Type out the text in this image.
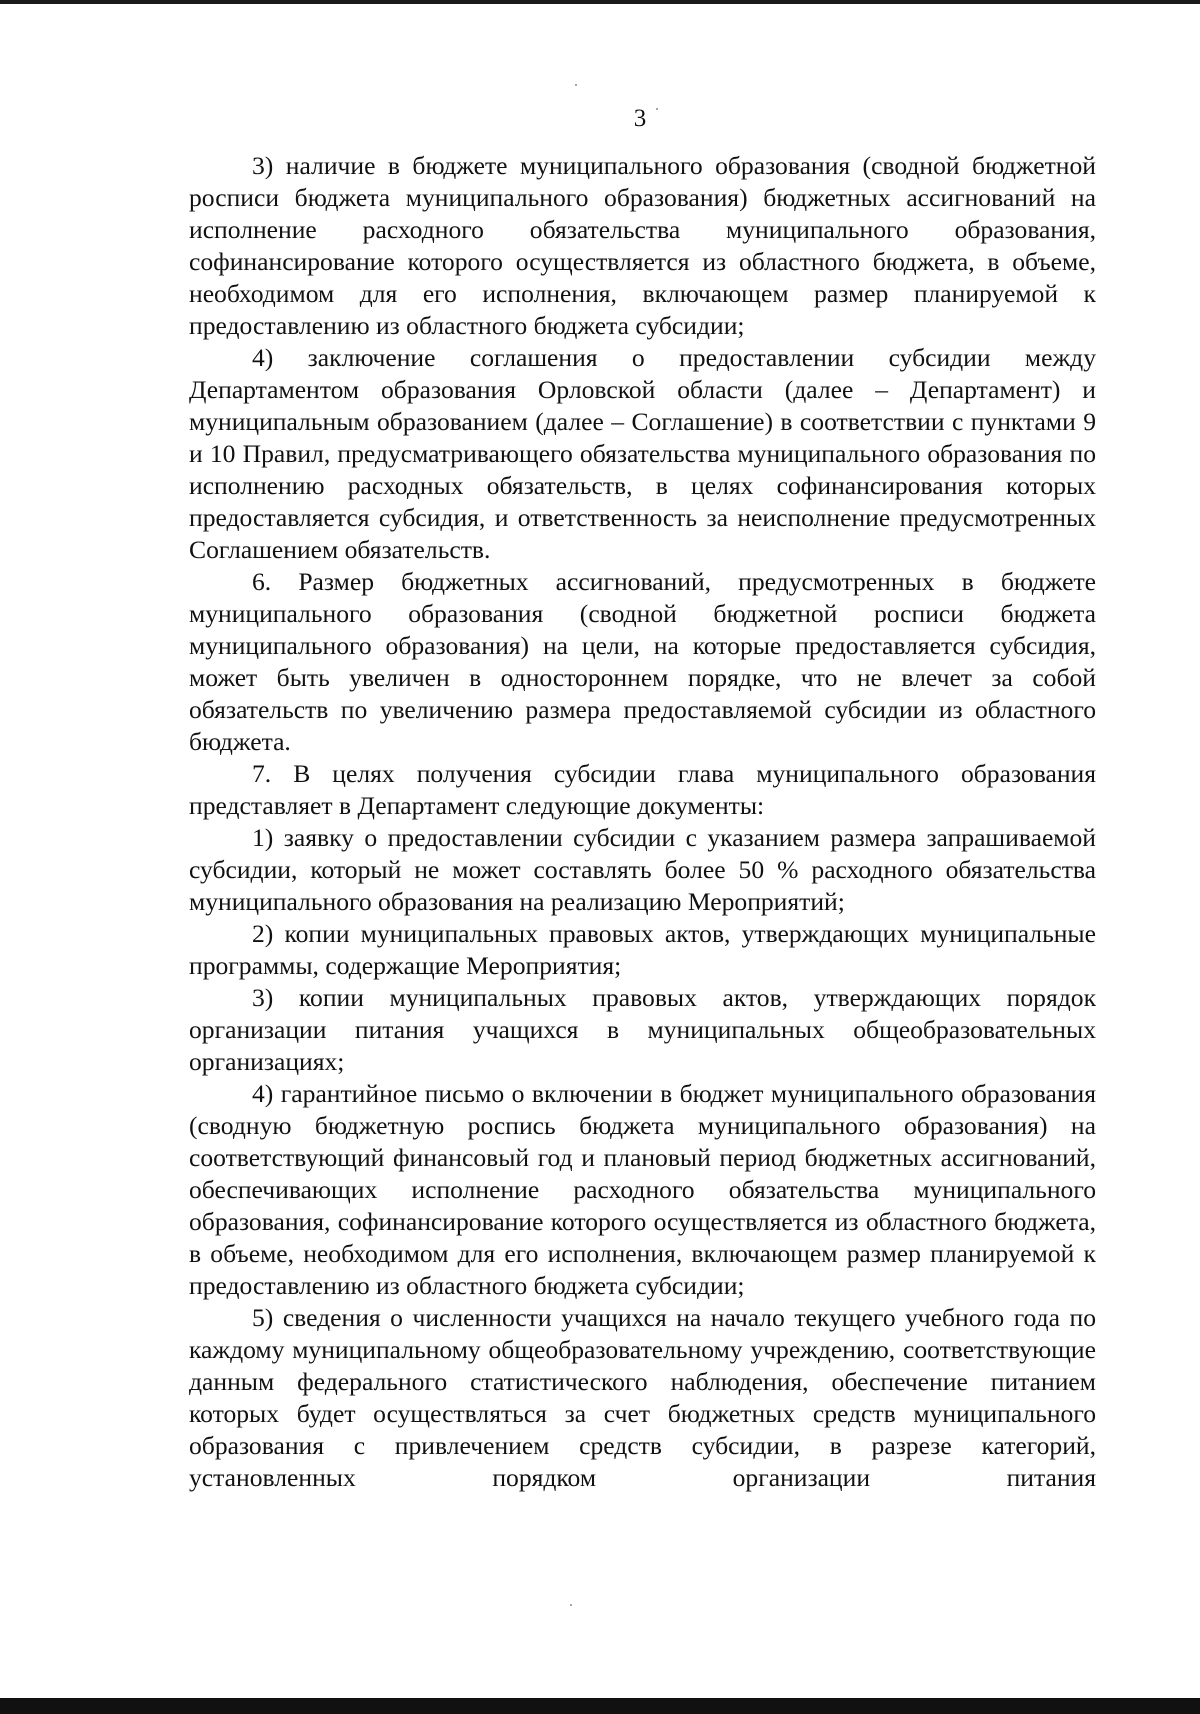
3

3) наличие в бюджете муниципального образования (сводной бюджетной росписи бюджета муниципального образования) бюджетных ассигнований на исполнение расходного обязательства муниципального образования, софинансирование которого осуществляется из областного бюджета, в объеме, необходимом для его исполнения, включающем размер планируемой к предоставлению из областного бюджета субсидии;

4) заключение соглашения о предоставлении субсидии между Департаментом образования Орловской области (далее – Департамент) и муниципальным образованием (далее – Соглашение) в соответствии с пунктами 9 и 10 Правил, предусматривающего обязательства муниципального образования по исполнению расходных обязательств, в целях софинансирования которых предоставляется субсидия, и ответственность за неисполнение предусмотренных Соглашением обязательств.

6. Размер бюджетных ассигнований, предусмотренных в бюджете муниципального образования (сводной бюджетной росписи бюджета муниципального образования) на цели, на которые предоставляется субсидия, может быть увеличен в одностороннем порядке, что не влечет за собой обязательств по увеличению размера предоставляемой субсидии из областного бюджета.

7. В целях получения субсидии глава муниципального образования представляет в Департамент следующие документы:

1) заявку о предоставлении субсидии с указанием размера запрашиваемой субсидии, который не может составлять более 50 % расходного обязательства муниципального образования на реализацию Мероприятий;

2) копии муниципальных правовых актов, утверждающих муниципальные программы, содержащие Мероприятия;

3) копии муниципальных правовых актов, утверждающих порядок организации питания учащихся в муниципальных общеобразовательных организациях;

4) гарантийное письмо о включении в бюджет муниципального образования (сводную бюджетную роспись бюджета муниципального образования) на соответствующий финансовый год и плановый период бюджетных ассигнований, обеспечивающих исполнение расходного обязательства муниципального образования, софинансирование которого осуществляется из областного бюджета, в объеме, необходимом для его исполнения, включающем размер планируемой к предоставлению из областного бюджета субсидии;

5) сведения о численности учащихся на начало текущего учебного года по каждому муниципальному общеобразовательному учреждению, соответствующие данным федерального статистического наблюдения, обеспечение питанием которых будет осуществляться за счет бюджетных средств муниципального образования с привлечением средств субсидии, в разрезе категорий, установленных порядком организации питания
